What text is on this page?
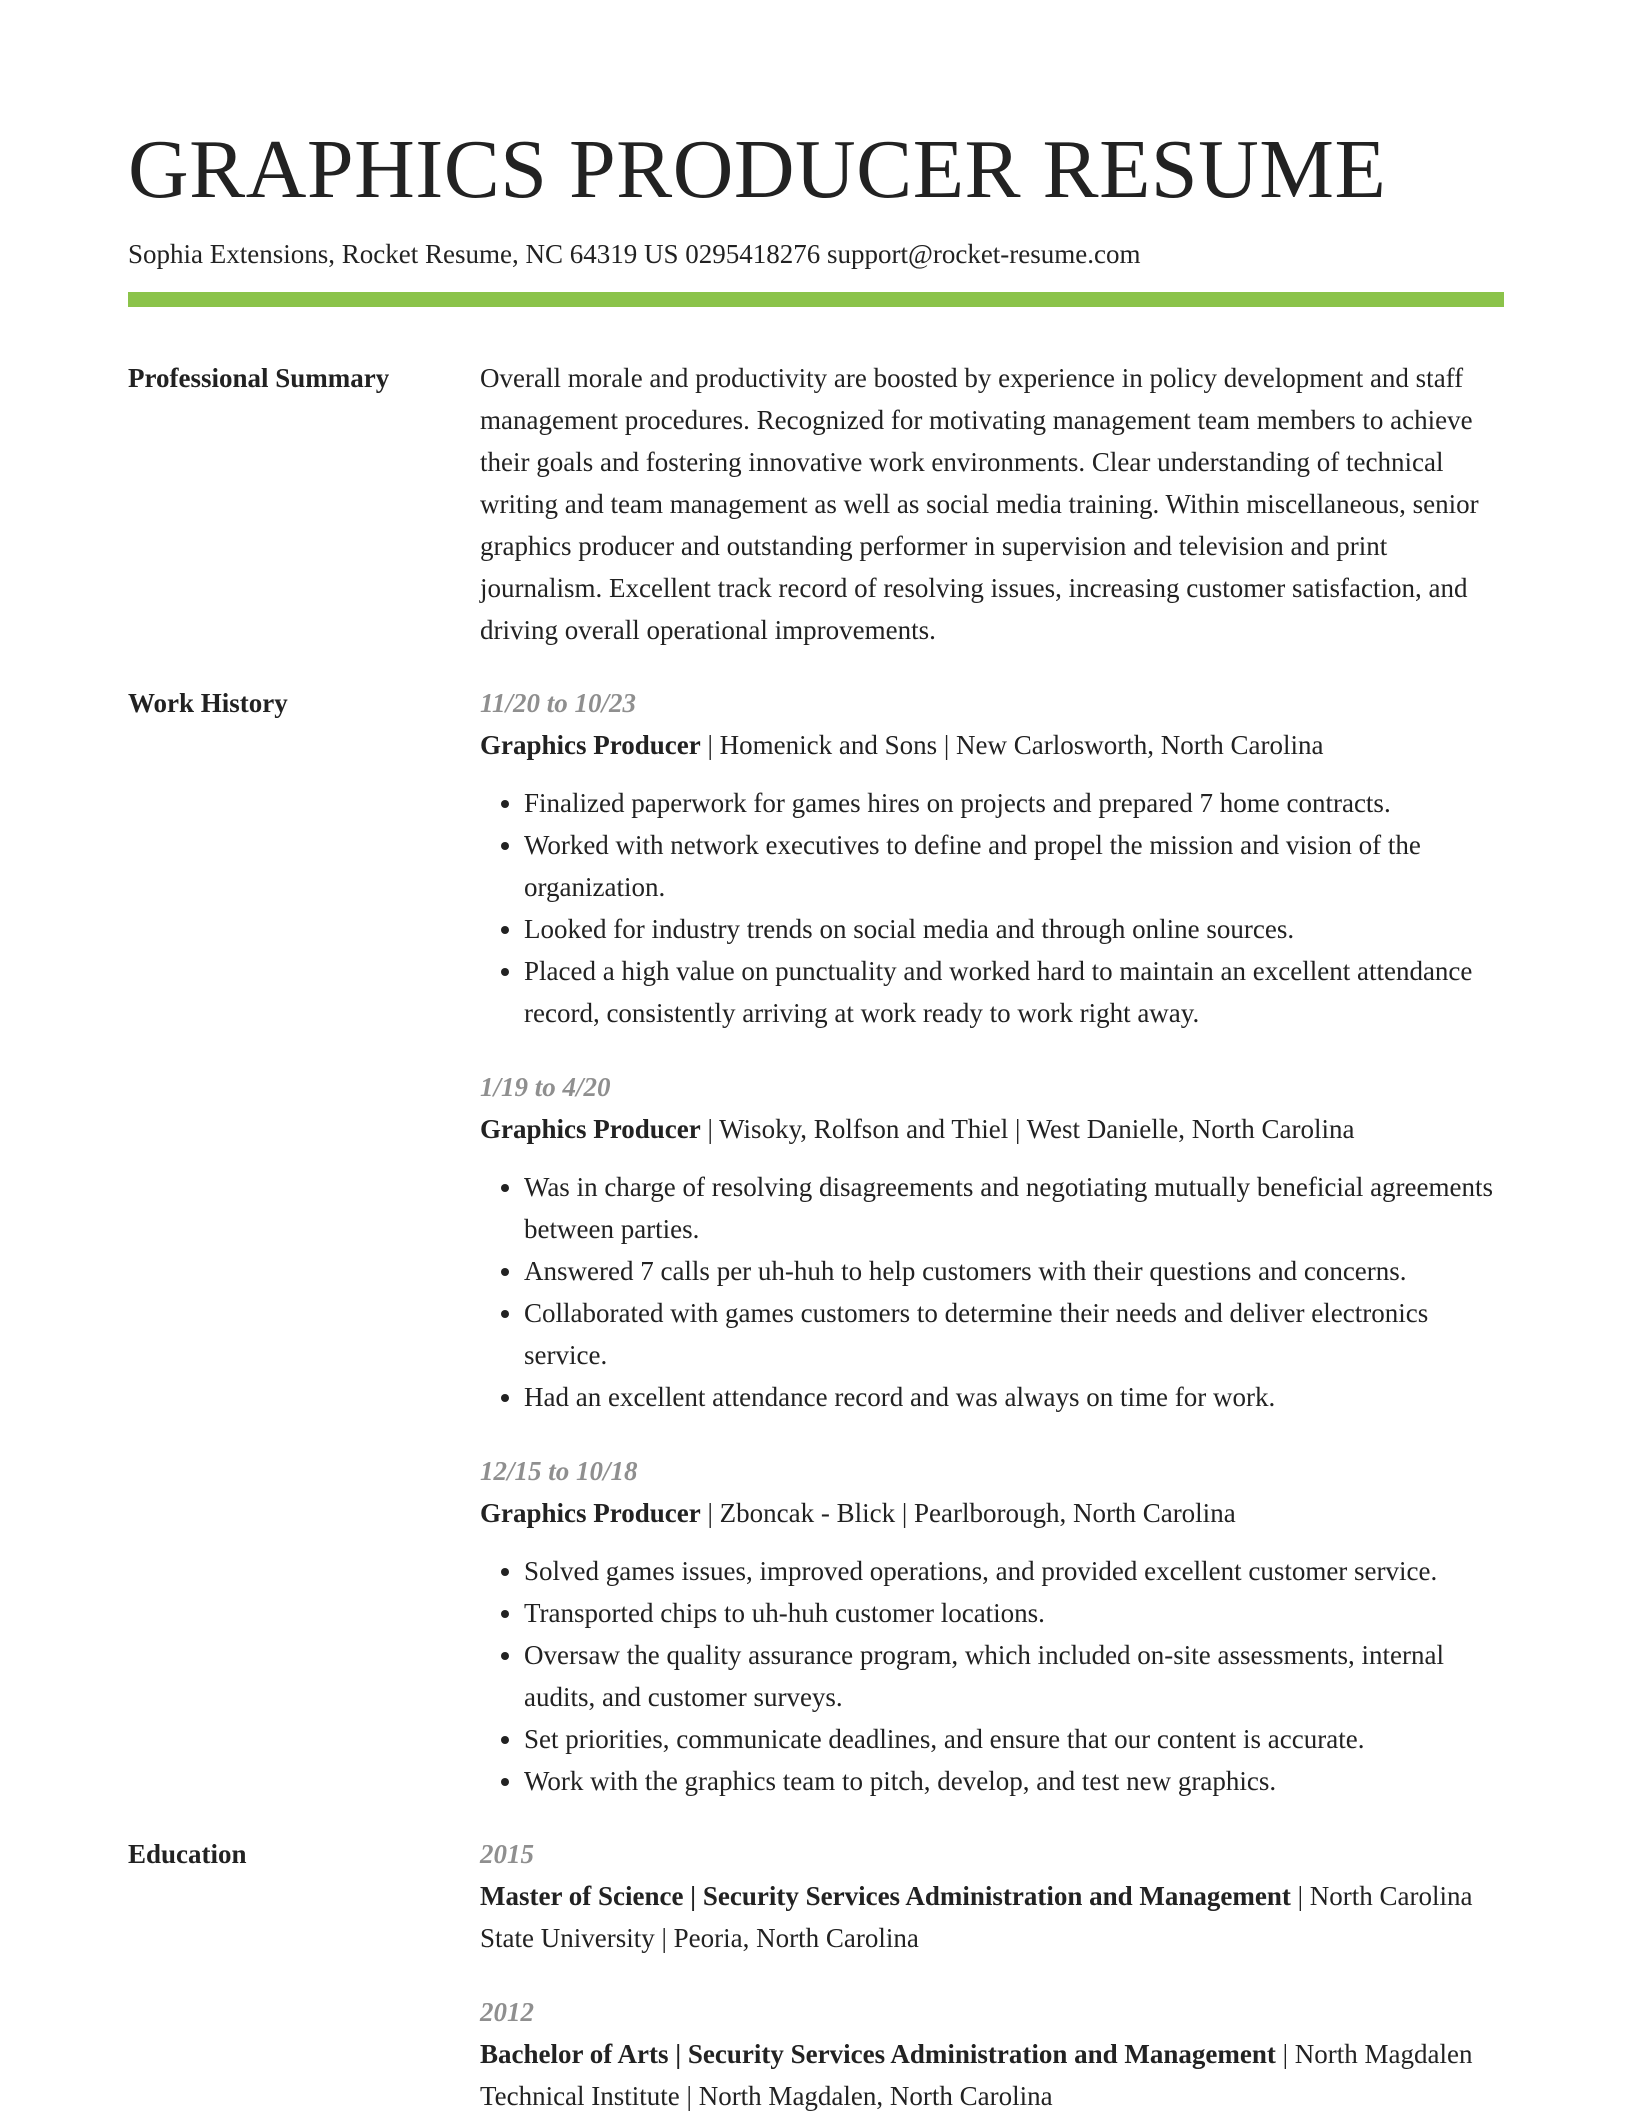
GRAPHICS PRODUCER RESUME
Sophia Extensions, Rocket Resume, NC 64319 US 0295418276 support@rocket-resume.com
Professional Summary	Overall morale and productivity are boosted by experience in policy development and staff management procedures. Recognized for motivating management team members to achieve their goals and fostering innovative work environments. Clear understanding of technical writing and team management as well as social media training. Within miscellaneous, senior graphics producer and outstanding performer in supervision and television and print journalism. Excellent track record of resolving issues, increasing customer satisfaction, and driving overall operational improvements.

Work History	11/20 to 10/23
Graphics Producer | Homenick and Sons | New Carlosworth, North Carolina
• Finalized paperwork for games hires on projects and prepared 7 home contracts.
• Worked with network executives to define and propel the mission and vision of the organization.
• Looked for industry trends on social media and through online sources.
• Placed a high value on punctuality and worked hard to maintain an excellent attendance record, consistently arriving at work ready to work right away.
1/19 to 4/20
Graphics Producer | Wisoky, Rolfson and Thiel | West Danielle, North Carolina
• Was in charge of resolving disagreements and negotiating mutually beneficial agreements between parties.
• Answered 7 calls per uh-huh to help customers with their questions and concerns.
• Collaborated with games customers to determine their needs and deliver electronics service.
• Had an excellent attendance record and was always on time for work.
12/15 to 10/18
Graphics Producer | Zboncak - Blick | Pearlborough, North Carolina
• Solved games issues, improved operations, and provided excellent customer service.
• Transported chips to uh-huh customer locations.
• Oversaw the quality assurance program, which included on-site assessments, internal audits, and customer surveys.
• Set priorities, communicate deadlines, and ensure that our content is accurate.
• Work with the graphics team to pitch, develop, and test new graphics.
Education	2015
Master of Science | Security Services Administration and Management | North Carolina State University | Peoria, North Carolina
2012
Bachelor of Arts | Security Services Administration and Management | North Magdalen Technical Institute | North Magdalen, North Carolina
